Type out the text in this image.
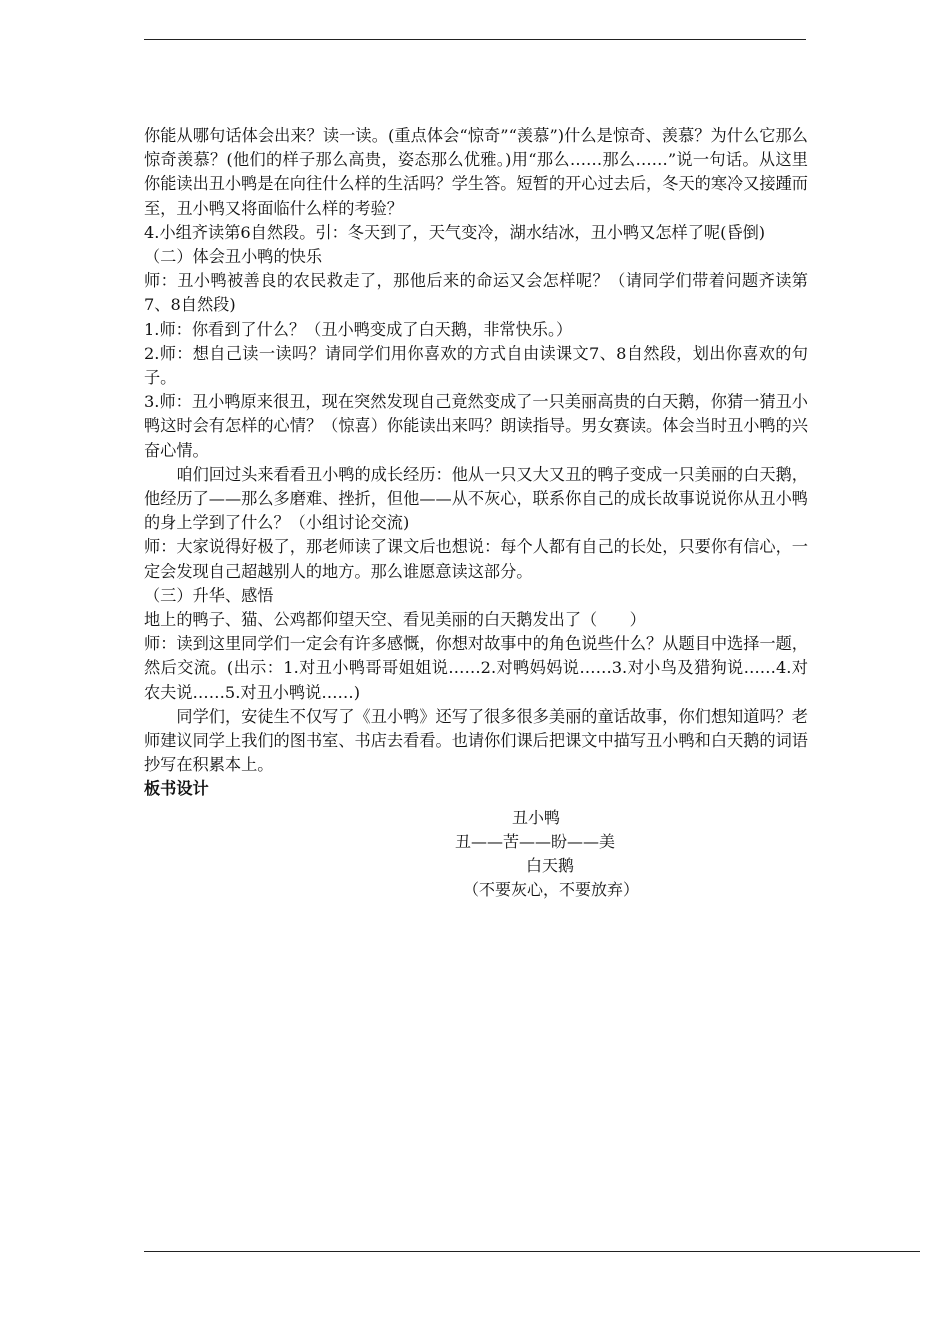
你能从哪句话体会出来？读一读。(重点体会“惊奇”“羡慕”)什么是惊奇、羡慕？为什么它那么惊奇羡慕？(他们的样子那么高贵，姿态那么优雅。)用“那么……那么……”说一句话。从这里你能读出丑小鸭是在向往什么样的生活吗？学生答。短暂的开心过去后，冬天的寒冷又接踵而至，丑小鸭又将面临什么样的考验？

4.小组齐读第6自然段。引：冬天到了，天气变冷，湖水结冰，丑小鸭又怎样了呢(昏倒)

（二）体会丑小鸭的快乐

师：丑小鸭被善良的农民救走了，那他后来的命运又会怎样呢？（请同学们带着问题齐读第7、8自然段)

1.师：你看到了什么？（丑小鸭变成了白天鹅，非常快乐。）

2.师：想自己读一读吗？请同学们用你喜欢的方式自由读课文7、8自然段，划出你喜欢的句子。

3.师：丑小鸭原来很丑，现在突然发现自己竟然变成了一只美丽高贵的白天鹅，你猜一猜丑小鸭这时会有怎样的心情？（惊喜）你能读出来吗？朗读指导。男女赛读。体会当时丑小鸭的兴奋心情。

咱们回过头来看看丑小鸭的成长经历：他从一只又大又丑的鸭子变成一只美丽的白天鹅，他经历了——那么多磨难、挫折，但他——从不灰心，联系你自己的成长故事说说你从丑小鸭的身上学到了什么？（小组讨论交流)

师：大家说得好极了，那老师读了课文后也想说：每个人都有自己的长处，只要你有信心，一定会发现自己超越别人的地方。那么谁愿意读这部分。

（三）升华、感悟

地上的鸭子、猫、公鸡都仰望天空、看见美丽的白天鹅发出了（　　）

师：读到这里同学们一定会有许多感慨，你想对故事中的角色说些什么？从题目中选择一题，然后交流。(出示：1.对丑小鸭哥哥姐姐说……2.对鸭妈妈说……3.对小鸟及猎狗说……4.对农夫说……5.对丑小鸭说……)

同学们，安徒生不仅写了《丑小鸭》还写了很多很多美丽的童话故事，你们想知道吗？老师建议同学上我们的图书室、书店去看看。也请你们课后把课文中描写丑小鸭和白天鹅的词语抄写在积累本上。

板书设计

丑小鸭
丑——苦——盼——美
白天鹅
（不要灰心，不要放弃）
